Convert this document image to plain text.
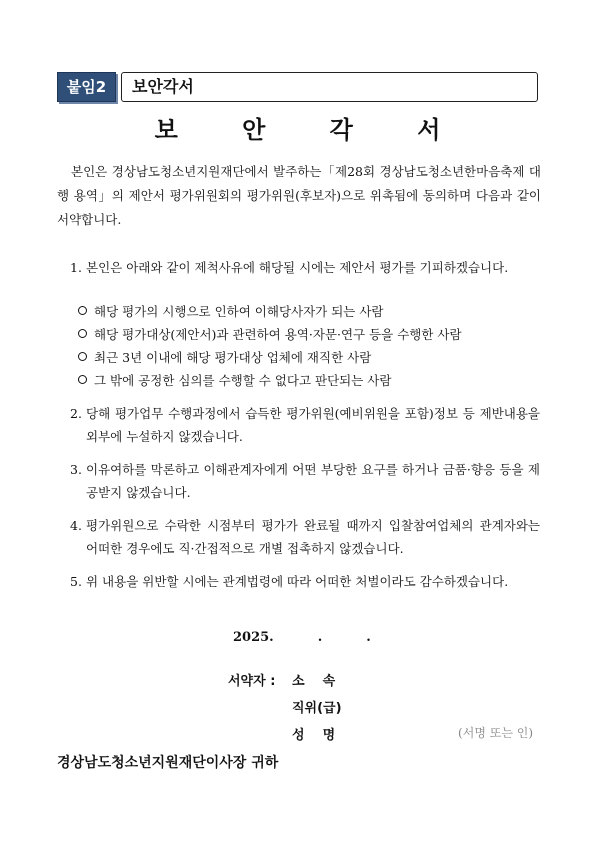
붙임2	보안각서
보 안 각 서
본인은 경상남도청소년지원재단에서 발주하는「제28회 경상남도청소년한마음축제 대행 용역」의 제안서 평가위원회의 평가위원(후보자)으로 위촉됨에 동의하며 다음과 같이 서약합니다.
1. 본인은 아래와 같이 제척사유에 해당될 시에는 제안서 평가를 기피하겠습니다.
해당 평가의 시행으로 인하여 이해당사자가 되는 사람
해당 평가대상(제안서)과 관련하여 용역·자문·연구 등을 수행한 사람
최근 3년 이내에 해당 평가대상 업체에 재직한 사람
그 밖에 공정한 심의를 수행할 수 없다고 판단되는 사람
2. 당해 평가업무 수행과정에서 습득한 평가위원(예비위원을 포함)정보 등 제반내용을 외부에 누설하지 않겠습니다.
3. 이유여하를 막론하고 이해관계자에게 어떤 부당한 요구를 하거나 금품·향응 등을 제공받지 않겠습니다.
4. 평가위원으로 수락한 시점부터 평가가 완료될 때까지 입찰참여업체의 관계자와는 어떠한 경우에도 직·간접적으로 개별 접촉하지 않겠습니다.
5. 위 내용을 위반할 시에는 관계법령에 따라 어떠한 처벌이라도 감수하겠습니다.
2025.	.	.
서약자 : 소    속
직위(급)
성    명	(서명 또는 인)
경상남도청소년지원재단이사장 귀하
